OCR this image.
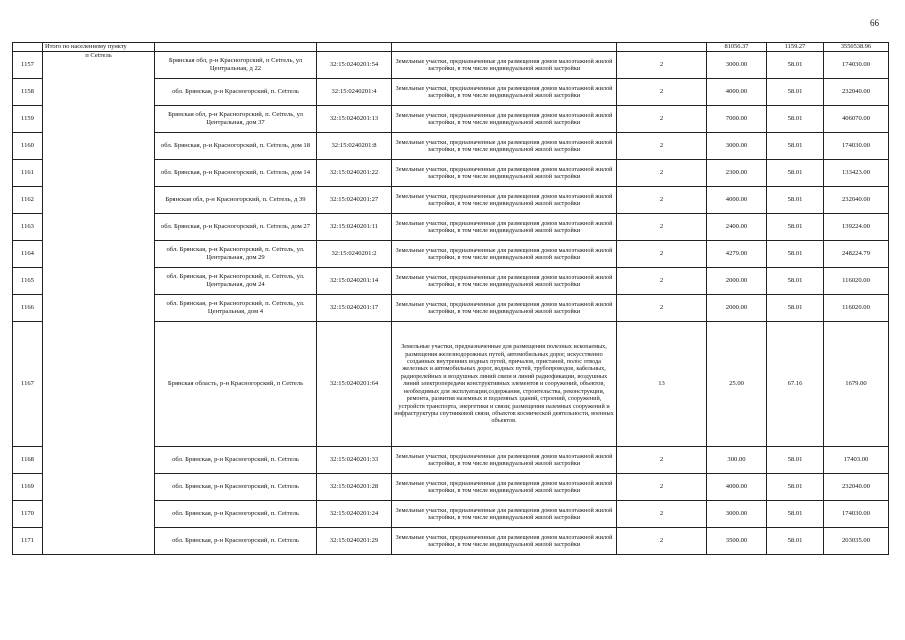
66
	Итого по населенному пункту					81056.37	1159.27	3550538.96
1157	п Сеtтель	Брянская обл, р-н Красногорский, п Сеtтель, ул Центральная, д 22	32:15:0240201:54	Земельные участки, предназначенные для размещения домов малоэтажной жилой застройки, в том числе индивидуальной жилой застройки	2	3000.00	58.01	174030.00
1158		обл. Брянская, р-н Красногорский, п. Сеtтель	32:15:0240201:4	Земельные участки, предназначенные для размещения домов малоэтажной жилой застройки, в том числе индивидуальной жилой застройки	2	4000.00	58.01	232040.00
1159		Брянская обл, р-н Красногорский, п. Сеtтель, ул Центральная, дом 37	32:15:0240201:13	Земельные участки, предназначенные для размещения домов малоэтажной жилой застройки, в том числе индивидуальной жилой застройки	2	7000.00	58.01	406070.00
1160		обл. Брянская, р-н Красногорский, п. Сеtтель, дом 18	32:15:0240201:8	Земельные участки, предназначенные для размещения домов малоэтажной жилой застройки, в том числе индивидуальной жилой застройки	2	3000.00	58.01	174030.00
1161		обл. Брянская, р-н Красногорский, п. Сеtтель, дом 14	32:15:0240201:22	Земельные участки, предназначенные для размещения домов малоэтажной жилой застройки, в том числе индивидуальной жилой застройки	2	2300.00	58.01	133423.00
1162		Брянская обл, р-н Красногорский, п. Сеtтель, д 39	32:15:0240201:27	Земельные участки, предназначенные для размещения домов малоэтажной жилой застройки, в том числе индивидуальной жилой застройки	2	4000.00	58.01	232040.00
1163		обл. Брянская, р-н Красногорский, п. Сеtтель, дом 27	32:15:0240201:11	Земельные участки, предназначенные для размещения домов малоэтажной жилой застройки, в том числе индивидуальной жилой застройки	2	2400.00	58.01	139224.00
1164		обл. Брянская, р-н Красногорский, п. Сеtтель, ул. Центральная, дом 29	32:15:0240201:2	Земельные участки, предназначенные для размещения домов малоэтажной жилой застройки, в том числе индивидуальной жилой застройки	2	4279.00	58.01	248224.79
1165		обл. Брянская, р-н Красногорский, п. Сеtтель, ул. Центральная, дом 24	32:15:0240201:14	Земельные участки, предназначенные для размещения домов малоэтажной жилой застройки, в том числе индивидуальной жилой застройки	2	2000.00	58.01	116020.00
1166		обл. Брянская, р-н Красногорский, п. Сеtтель, ул. Центральная, дом 4	32:15:0240201:17	Земельные участки, предназначенные для размещения домов малоэтажной жилой застройки, в том числе индивидуальной жилой застройки	2	2000.00	58.01	116020.00
1167		Брянская область, р-н Красногорский, п Сеtтель	32:15:0240201:64	Земельные участки, предназначенные для размещения полезных ископаемых, размещения железнодорожных путей, автомобильных дорог, искусственно созданных внутренних водных путей, причалов, пристаней, полос отвода железных и автомобильных дорог, водных путей, трубопроводов, кабельных, радиорелейных и воздушных линий связи и линий радиофикации, воздушных линий электропередачи конструктивных элементов и сооружений, объектов, необходимых для эксплуатации,содержания, строительства, реконструкции, ремонта, развития наземных и подземных зданий, строений, сооружений, устройств транспорта, энергетики и связи; размещения наземных сооружений и инфраструктуры спутниковой связи, объектов космической деятельности, военных объектов.	13	25.00	67.16	1679.00
1168		обл. Брянская, р-н Красногорский, п. Сеtтель	32:15:0240201:33	Земельные участки, предназначенные для размещения домов малоэтажной жилой застройки, в том числе индивидуальной жилой застройки	2	300.00	58.01	17403.00
1169		обл. Брянская, р-н Красногорский, п. Сеtтель	32:15:0240201:28	Земельные участки, предназначенные для размещения домов малоэтажной жилой застройки, в том числе индивидуальной жилой застройки	2	4000.00	58.01	232040.00
1170		обл. Брянская, р-н Красногорский, п. Сеtтель	32:15:0240201:24	Земельные участки, предназначенные для размещения домов малоэтажной жилой застройки, в том числе индивидуальной жилой застройки	2	3000.00	58.01	174030.00
1171		обл. Брянская, р-н Красногорский, п. Сеtтель	32:15:0240201:29	Земельные участки, предназначенные для размещения домов малоэтажной жилой застройки, в том числе индивидуальной жилой застройки	2	3500.00	58.01	203035.00
